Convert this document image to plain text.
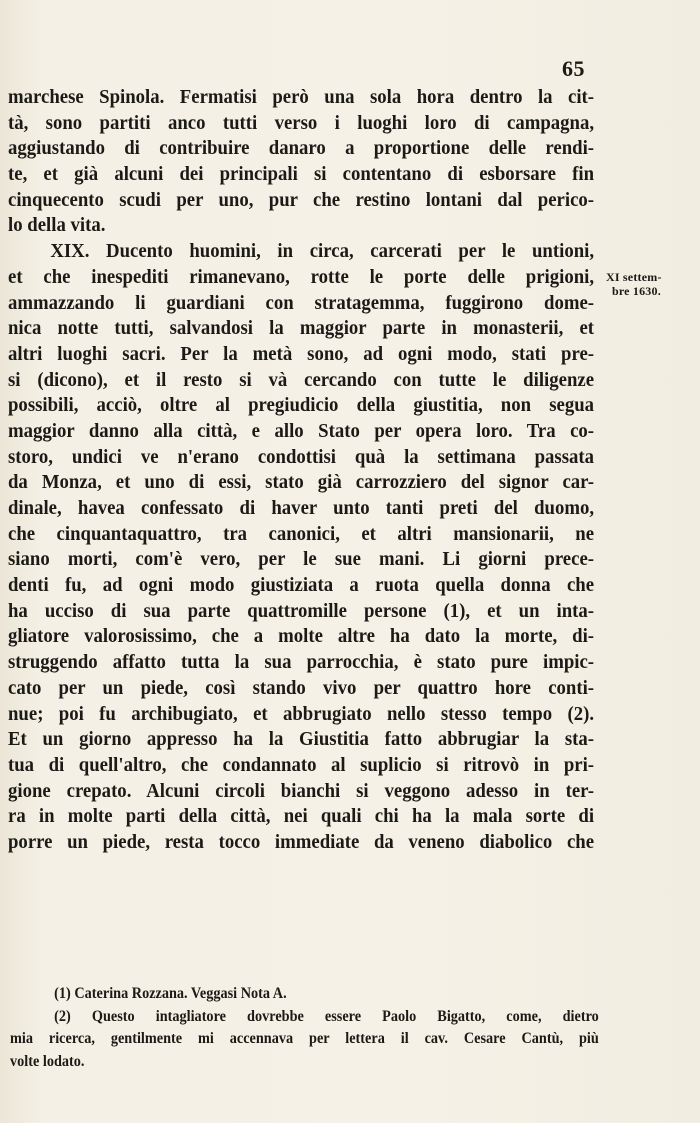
65
marchese Spinola. Fermatisi però una sola hora dentro la cit-
tà, sono partiti anco tutti verso i luoghi loro di campagna,
aggiustando di contribuire danaro a proportione delle rendi-
te, et già alcuni dei principali si contentano di esborsare fin
cinquecento scudi per uno, pur che restino lontani dal perico-
lo della vita.
XIX. Ducento huomini, in circa, carcerati per le untioni,
et che inespediti rimanevano, rotte le porte delle prigioni,
ammazzando li guardiani con stratagemma, fuggirono dome-
nica notte tutti, salvandosi la maggior parte in monasterii, et
altri luoghi sacri. Per la metà sono, ad ogni modo, stati pre-
si (dicono), et il resto si và cercando con tutte le diligenze
possibili, acciò, oltre al pregiudicio della giustitia, non segua
maggior danno alla città, e allo Stato per opera loro. Tra co-
storo, undici ve n'erano condottisi quà la settimana passata
da Monza, et uno di essi, stato già carrozziero del signor car-
dinale, havea confessato di haver unto tanti preti del duomo,
che cinquantaquattro, tra canonici, et altri mansionarii, ne
siano morti, com'è vero, per le sue mani. Li giorni prece-
denti fu, ad ogni modo giustiziata a ruota quella donna che
ha ucciso di sua parte quattromille persone (1), et un inta-
gliatore valorosissimo, che a molte altre ha dato la morte, di-
struggendo affatto tutta la sua parrocchia, è stato pure impic-
cato per un piede, così stando vivo per quattro hore conti-
nue; poi fu archibugiato, et abbrugiato nello stesso tempo (2).
Et un giorno appresso ha la Giustitia fatto abbrugiar la sta-
tua di quell'altro, che condannato al suplicio si ritrovò in pri-
gione crepato. Alcuni circoli bianchi si veggono adesso in ter-
ra in molte parti della città, nei quali chi ha la mala sorte di
porre un piede, resta tocco immediate da veneno diabolico che
XI settem-
bre 1630.
(1) Caterina Rozzana. Veggasi Nota A.
(2) Questo intagliatore dovrebbe essere Paolo Bigatto, come, dietro
mia ricerca, gentilmente mi accennava per lettera il cav. Cesare Cantù, più
volte lodato.
